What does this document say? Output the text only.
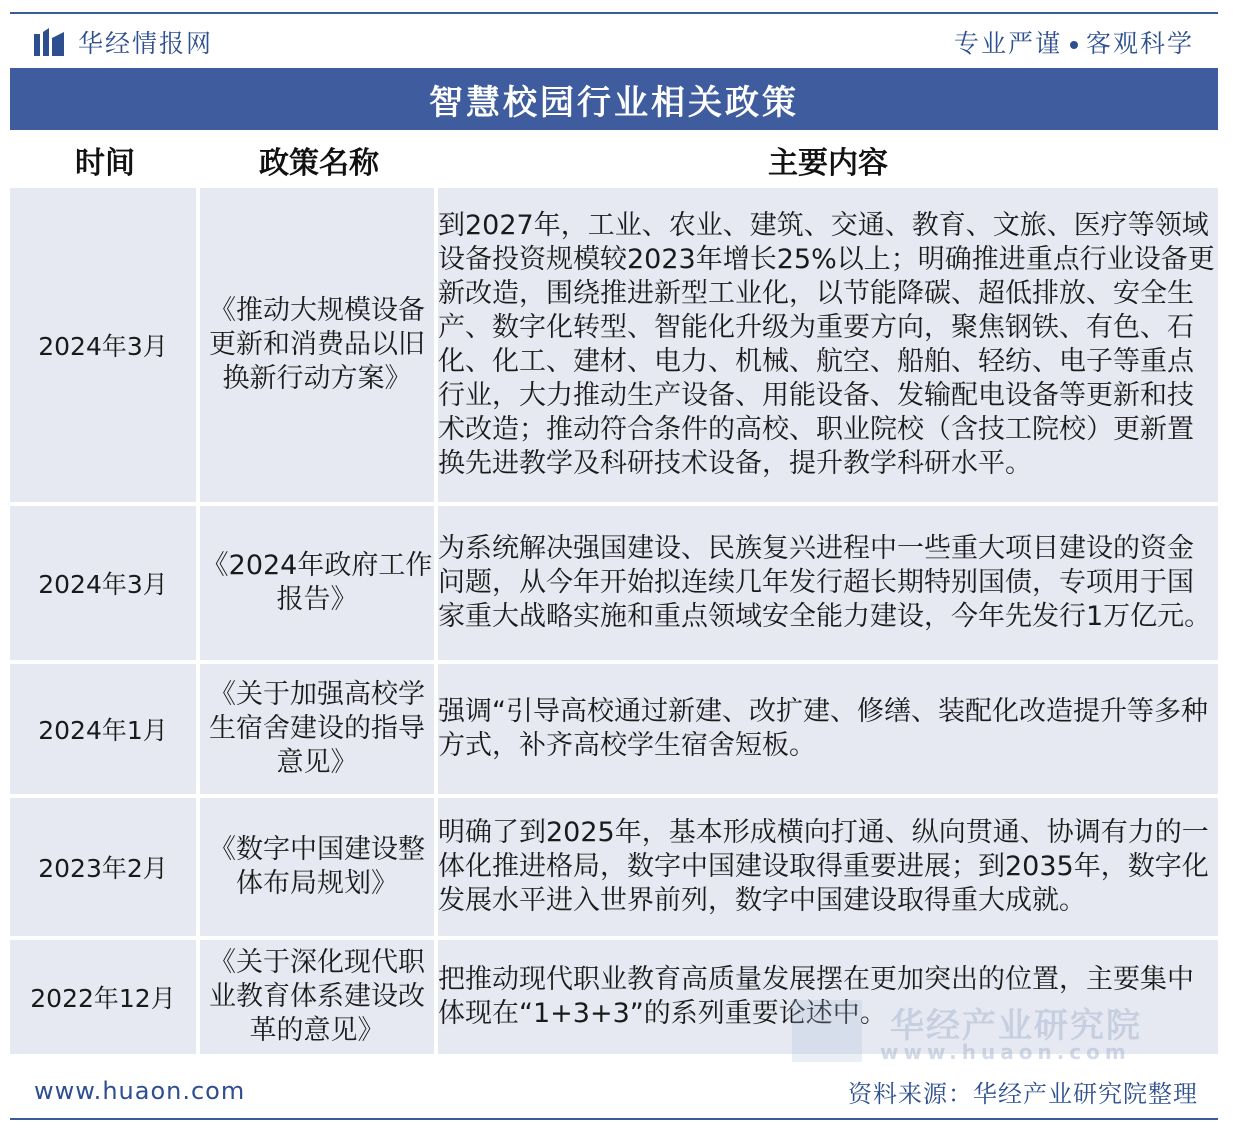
华经情报网	专业严谨 客观科学
智慧校园行业相关政策
时间	政策名称	主要内容
2024年3月	《推动大规模设备更新和消费品以旧换新行动方案》	到2027年，工业、农业、建筑、交通、教育、文旅、医疗等领域设备投资规模较2023年增长25%以上；明确推进重点行业设备更新改造，围绕推进新型工业化，以节能降碳、超低排放、安全生产、数字化转型、智能化升级为重要方向，聚焦钢铁、有色、石化、化工、建材、电力、机械、航空、船舶、轻纺、电子等重点行业，大力推动生产设备、用能设备、发输配电设备等更新和技术改造；推动符合条件的高校、职业院校（含技工院校）更新置换先进教学及科研技术设备，提升教学科研水平。
2024年3月	《2024年政府工作报告》	为系统解决强国建设、民族复兴进程中一些重大项目建设的资金问题，从今年开始拟连续几年发行超长期特别国债，专项用于国家重大战略实施和重点领域安全能力建设，今年先发行1万亿元。
2024年1月	《关于加强高校学生宿舍建设的指导意见》	强调“引导高校通过新建、改扩建、修缮、装配化改造提升等多种方式，补齐高校学生宿舍短板。
2023年2月	《数字中国建设整体布局规划》	明确了到2025年，基本形成横向打通、纵向贯通、协调有力的一体化推进格局，数字中国建设取得重要进展；到2035年，数字化发展水平进入世界前列，数字中国建设取得重大成就。
2022年12月	《关于深化现代职业教育体系建设改革的意见》	把推动现代职业教育高质量发展摆在更加突出的位置，主要集中体现在“1+3+3”的系列重要论述中。 华经产业研究院
www.huaon.com
www.huaon.com	资料来源：华经产业研究院整理
